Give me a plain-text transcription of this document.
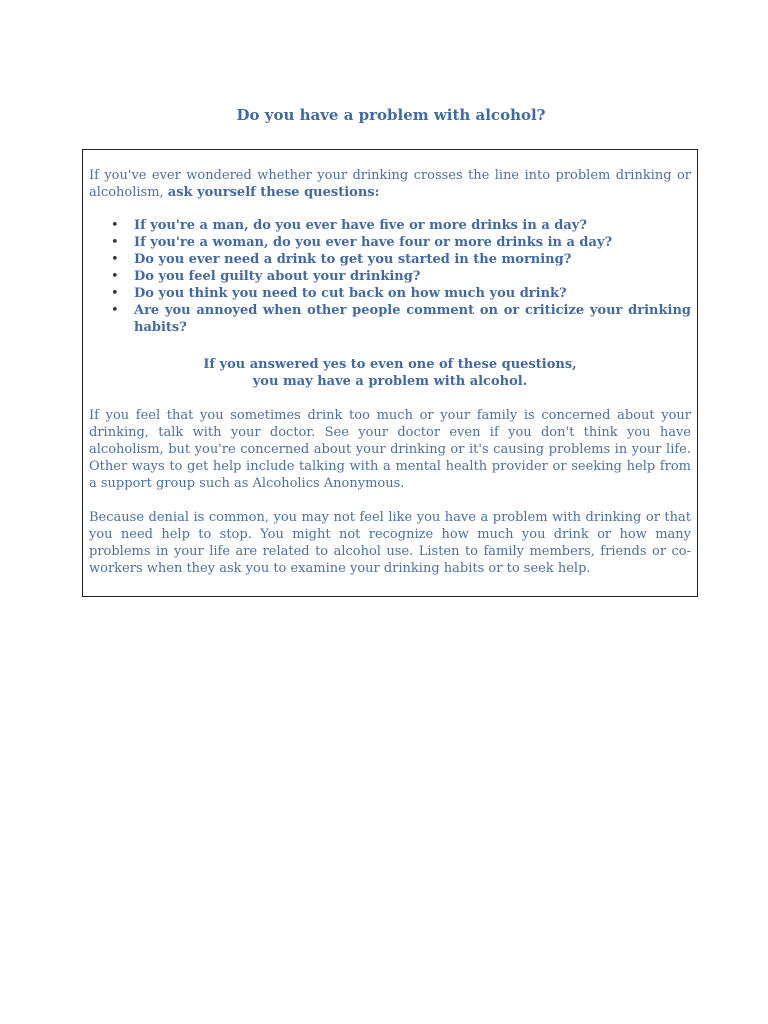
Do you have a problem with alcohol?

If you've ever wondered whether your drinking crosses the line into problem drinking or alcoholism, ask yourself these questions:

• If you're a man, do you ever have five or more drinks in a day?
• If you're a woman, do you ever have four or more drinks in a day?
• Do you ever need a drink to get you started in the morning?
• Do you feel guilty about your drinking?
• Do you think you need to cut back on how much you drink?
• Are you annoyed when other people comment on or criticize your drinking habits?
If you answered yes to even one of these questions,
you may have a problem with alcohol.

If you feel that you sometimes drink too much or your family is concerned about your drinking, talk with your doctor. See your doctor even if you don't think you have alcoholism, but you're concerned about your drinking or it's causing problems in your life. Other ways to get help include talking with a mental health provider or seeking help from a support group such as Alcoholics Anonymous.

Because denial is common, you may not feel like you have a problem with drinking or that you need help to stop. You might not recognize how much you drink or how many problems in your life are related to alcohol use. Listen to family members, friends or co-workers when they ask you to examine your drinking habits or to seek help.
